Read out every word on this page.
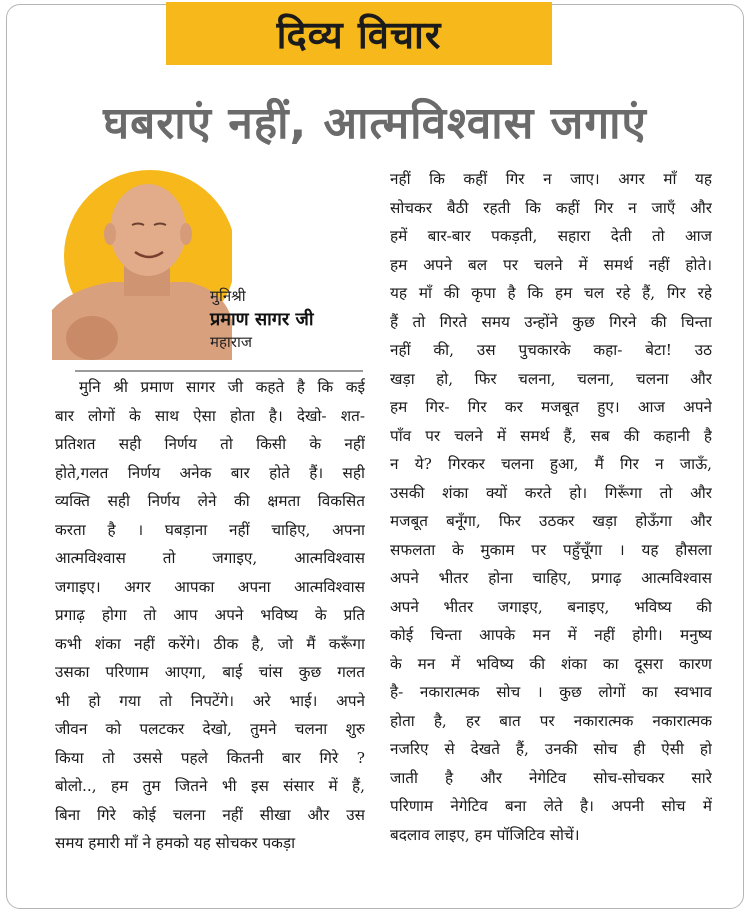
दिव्य विचार
घबराएं नहीं, आत्मविश्वास जगाएं
मुनिश्री
प्रमाण सागर जी
महाराज
मुनि श्री प्रमाण सागर जी कहते है कि कई
बार लोगों के साथ ऐसा होता है। देखो- शत-
प्रतिशत सही निर्णय तो किसी के नहीं
होते,गलत निर्णय अनेक बार होते हैं। सही
व्यक्ति सही निर्णय लेने की क्षमता विकसित
करता है । घबड़ाना नहीं चाहिए, अपना
आत्मविश्वास तो जगाइए, आत्मविश्वास
जगाइए। अगर आपका अपना आत्मविश्वास
प्रगाढ़ होगा तो आप अपने भविष्य के प्रति
कभी शंका नहीं करेंगे। ठीक है, जो मैं करूँगा
उसका परिणाम आएगा, बाई चांस कुछ गलत
भी हो गया तो निपटेंगे। अरे भाई। अपने
जीवन को पलटकर देखो, तुमने चलना शुरु
किया तो उससे पहले कितनी बार गिरे ?
बोलो.., हम तुम जितने भी इस संसार में हैं,
बिना गिरे कोई चलना नहीं सीखा और उस
समय हमारी माँ ने हमको यह सोचकर पकड़ा
नहीं कि कहीं गिर न जाए। अगर माँ यह
सोचकर बैठी रहती कि कहीं गिर न जाएँ और
हमें बार-बार पकड़ती, सहारा देती तो आज
हम अपने बल पर चलने में समर्थ नहीं होते।
यह माँ की कृपा है कि हम चल रहे हैं, गिर रहे
हैं तो गिरते समय उन्होंने कुछ गिरने की चिन्ता
नहीं की, उस पुचकारके कहा- बेटा! उठ
खड़ा हो, फिर चलना, चलना, चलना और
हम गिर- गिर कर मजबूत हुए। आज अपने
पाँव पर चलने में समर्थ हैं, सब की कहानी है
न ये? गिरकर चलना हुआ, मैं गिर न जाऊँ,
उसकी शंका क्यों करते हो। गिरूँगा तो और
मजबूत बनूँगा, फिर उठकर खड़ा होऊँगा और
सफलता के मुकाम पर पहुँचूँगा । यह हौसला
अपने भीतर होना चाहिए, प्रगाढ़ आत्मविश्वास
अपने भीतर जगाइए, बनाइए, भविष्य की
कोई चिन्ता आपके मन में नहीं होगी। मनुष्य
के मन में भविष्य की शंका का दूसरा कारण
है- नकारात्मक सोच । कुछ लोगों का स्वभाव
होता है, हर बात पर नकारात्मक नकारात्मक
नजरिए से देखते हैं, उनकी सोच ही ऐसी हो
जाती है और नेगेटिव सोच-सोचकर सारे
परिणाम नेगेटिव बना लेते है। अपनी सोच में
बदलाव लाइए, हम पॉजिटिव सोचें।
